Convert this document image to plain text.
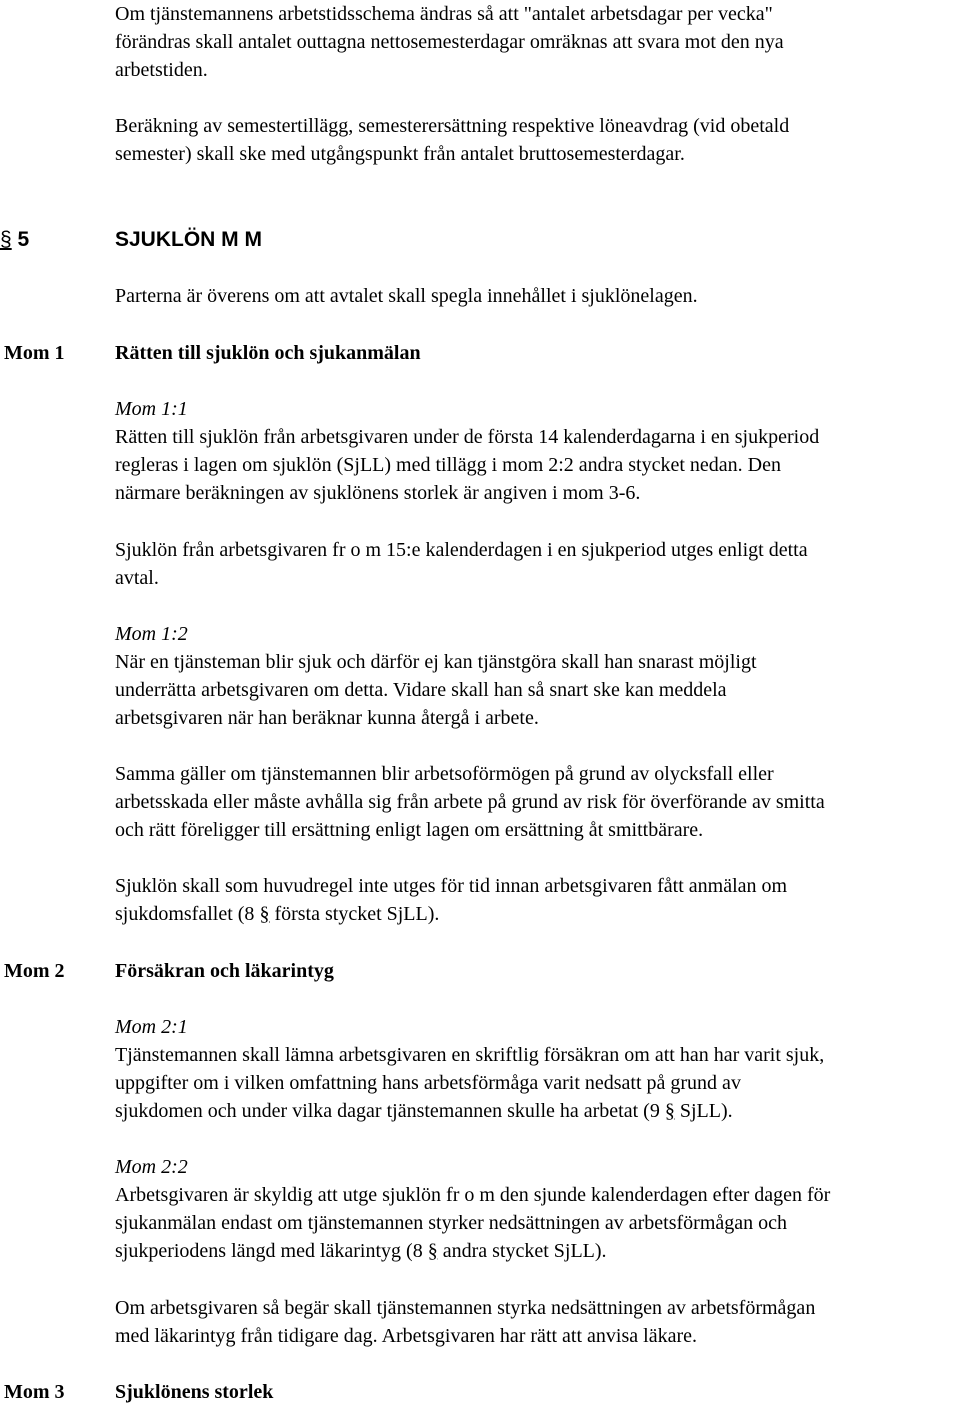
Om tjänstemannens arbetstidsschema ändras så att "antalet arbetsdagar per vecka"
förändras skall antalet outtagna nettosemesterdagar omräknas att svara mot den nya
arbetstiden.
Beräkning av semestertillägg, semesterersättning respektive löneavdrag (vid obetald
semester) skall ske med utgångspunkt från antalet bruttosemesterdagar.
§ 5	SJUKLÖN M M
Parterna är överens om att avtalet skall spegla innehållet i sjuklönelagen.
Mom 1	Rätten till sjuklön och sjukanmälan
Mom 1:1
Rätten till sjuklön från arbetsgivaren under de första 14 kalenderdagarna i en sjukperiod
regleras i lagen om sjuklön (SjLL) med tillägg i mom 2:2 andra stycket nedan. Den
närmare beräkningen av sjuklönens storlek är angiven i mom 3-6.
Sjuklön från arbetsgivaren fr o m 15:e kalenderdagen i en sjukperiod utges enligt detta
avtal.
Mom 1:2
När en tjänsteman blir sjuk och därför ej kan tjänstgöra skall han snarast möjligt
underrätta arbetsgivaren om detta. Vidare skall han så snart ske kan meddela
arbetsgivaren när han beräknar kunna återgå i arbete.
Samma gäller om tjänstemannen blir arbetsoförmögen på grund av olycksfall eller
arbetsskada eller måste avhålla sig från arbete på grund av risk för överförande av smitta
och rätt föreligger till ersättning enligt lagen om ersättning åt smittbärare.
Sjuklön skall som huvudregel inte utges för tid innan arbetsgivaren fått anmälan om
sjukdomsfallet (8 § första stycket SjLL).
Mom 2	Försäkran och läkarintyg
Mom 2:1
Tjänstemannen skall lämna arbetsgivaren en skriftlig försäkran om att han har varit sjuk,
uppgifter om i vilken omfattning hans arbetsförmåga varit nedsatt på grund av
sjukdomen och under vilka dagar tjänstemannen skulle ha arbetat (9 § SjLL).
Mom 2:2
Arbetsgivaren är skyldig att utge sjuklön fr o m den sjunde kalenderdagen efter dagen för
sjukanmälan endast om tjänstemannen styrker nedsättningen av arbetsförmågan och
sjukperiodens längd med läkarintyg (8 § andra stycket SjLL).
Om arbetsgivaren så begär skall tjänstemannen styrka nedsättningen av arbetsförmågan
med läkarintyg från tidigare dag. Arbetsgivaren har rätt att anvisa läkare.
Mom 3	Sjuklönens storlek
